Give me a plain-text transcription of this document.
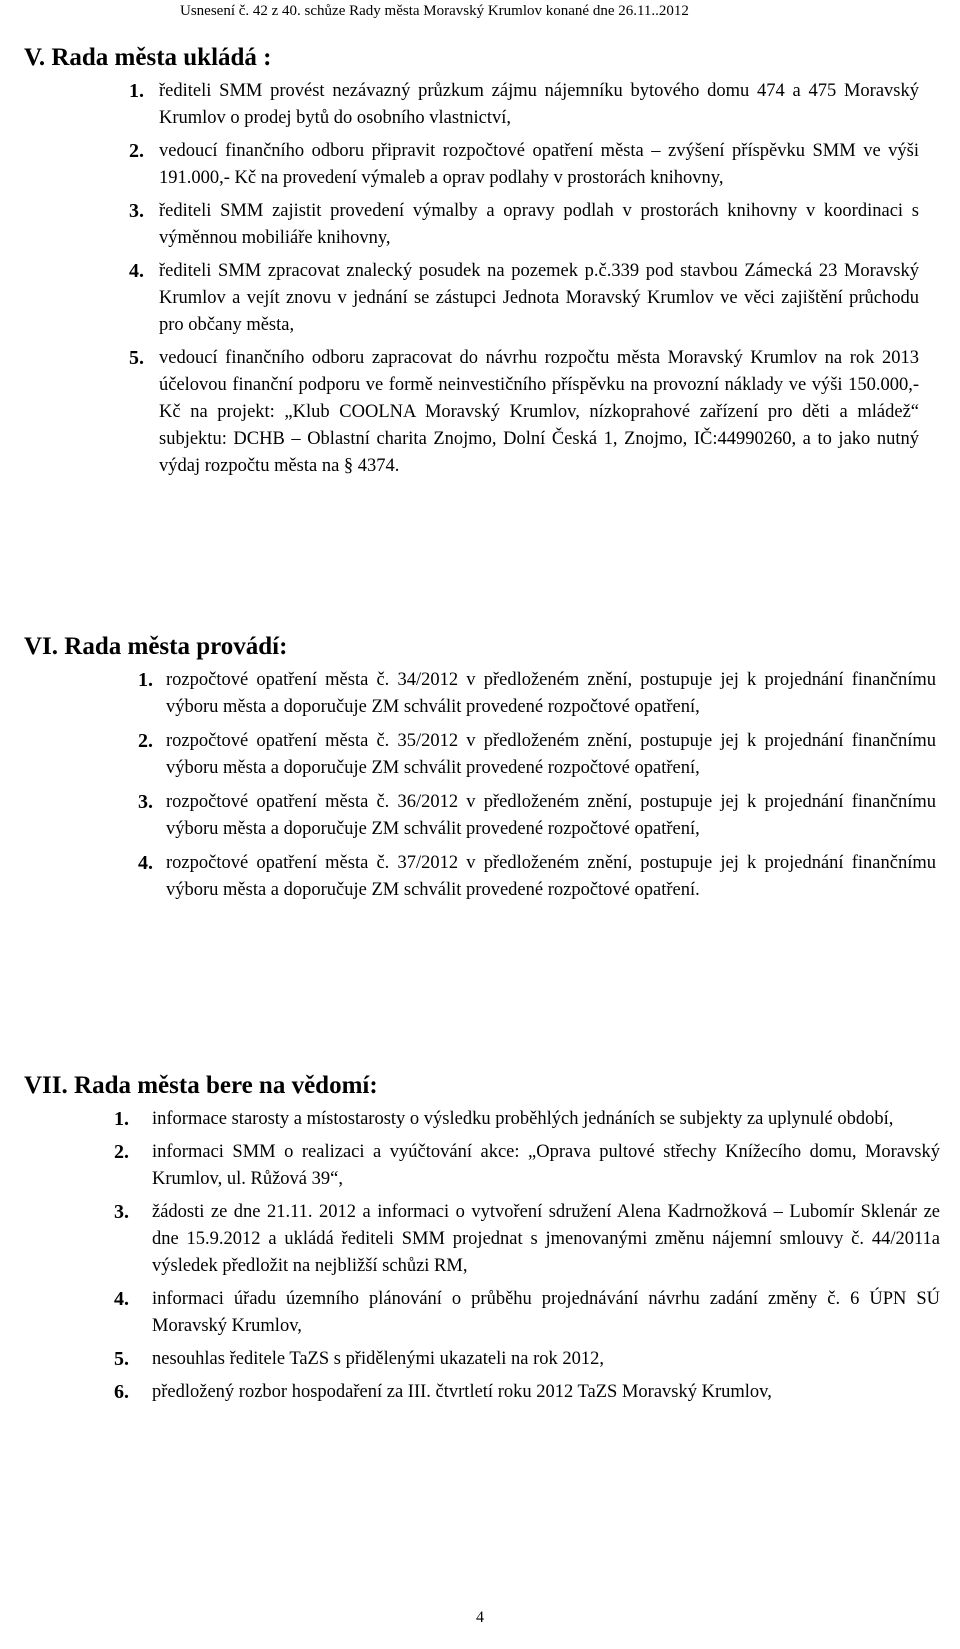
Usnesení č. 42 z 40. schůze Rady města Moravský Krumlov konané dne 26.11..2012
V. Rada města ukládá :
1. řediteli SMM provést nezávazný průzkum zájmu nájemníku bytového domu 474 a 475 Moravský Krumlov o prodej bytů do osobního vlastnictví,
2. vedoucí finančního odboru připravit rozpočtové opatření města – zvýšení příspěvku SMM ve výši 191.000,- Kč na provedení výmaleb a oprav podlahy v prostorách knihovny,
3. řediteli SMM zajistit provedení výmalby a opravy podlah v prostorách knihovny v koordinaci s výměnnou mobiliáře knihovny,
4. řediteli SMM zpracovat znalecký posudek na pozemek p.č.339 pod stavbou Zámecká 23 Moravský Krumlov a vejít znovu v jednání se zástupci Jednota Moravský Krumlov ve věci zajištění průchodu pro občany města,
5. vedoucí finančního odboru zapracovat do návrhu rozpočtu města Moravský Krumlov na rok 2013 účelovou finanční podporu ve formě neinvestičního příspěvku na provozní náklady ve výši 150.000,- Kč na projekt: „Klub COOLNA Moravský Krumlov, nízkoprahové zařízení pro děti a mládež“ subjektu: DCHB – Oblastní charita Znojmo, Dolní Česká 1, Znojmo, IČ:44990260, a to jako nutný výdaj rozpočtu města na § 4374.
VI. Rada města provádí:
1. rozpočtové opatření města č. 34/2012 v předloženém znění, postupuje jej k projednání finančnímu výboru města a doporučuje ZM schválit provedené rozpočtové opatření,
2. rozpočtové opatření města č. 35/2012 v předloženém znění, postupuje jej k projednání finančnímu výboru města a doporučuje ZM schválit provedené rozpočtové opatření,
3. rozpočtové opatření města č. 36/2012 v předloženém znění, postupuje jej k projednání finančnímu výboru města a doporučuje ZM schválit provedené rozpočtové opatření,
4. rozpočtové opatření města č. 37/2012 v předloženém znění, postupuje jej k projednání finančnímu výboru města a doporučuje ZM schválit provedené rozpočtové opatření.
VII. Rada města bere na vědomí:
1. informace starosty a místostarosty o výsledku proběhlých jednáních se subjekty za uplynulé období,
2. informaci SMM o realizaci a vyúčtování akce: „Oprava pultové střechy Knížecího domu, Moravský Krumlov, ul. Růžová 39“,
3. žádosti ze dne 21.11. 2012 a informaci o vytvoření sdružení Alena Kadrnožková – Lubomír Sklenár ze dne 15.9.2012 a ukládá řediteli SMM projednat s jmenovanými změnu nájemní smlouvy č. 44/2011a výsledek předložit na nejbližší schůzi RM,
4. informaci úřadu územního plánování o průběhu projednávání návrhu zadání změny č. 6 ÚPN SÚ Moravský Krumlov,
5. nesouhlas ředitele TaZS s přidělenými ukazateli na rok 2012,
6. předložený rozbor hospodaření za III. čtvrtletí roku 2012 TaZS Moravský Krumlov,
4
